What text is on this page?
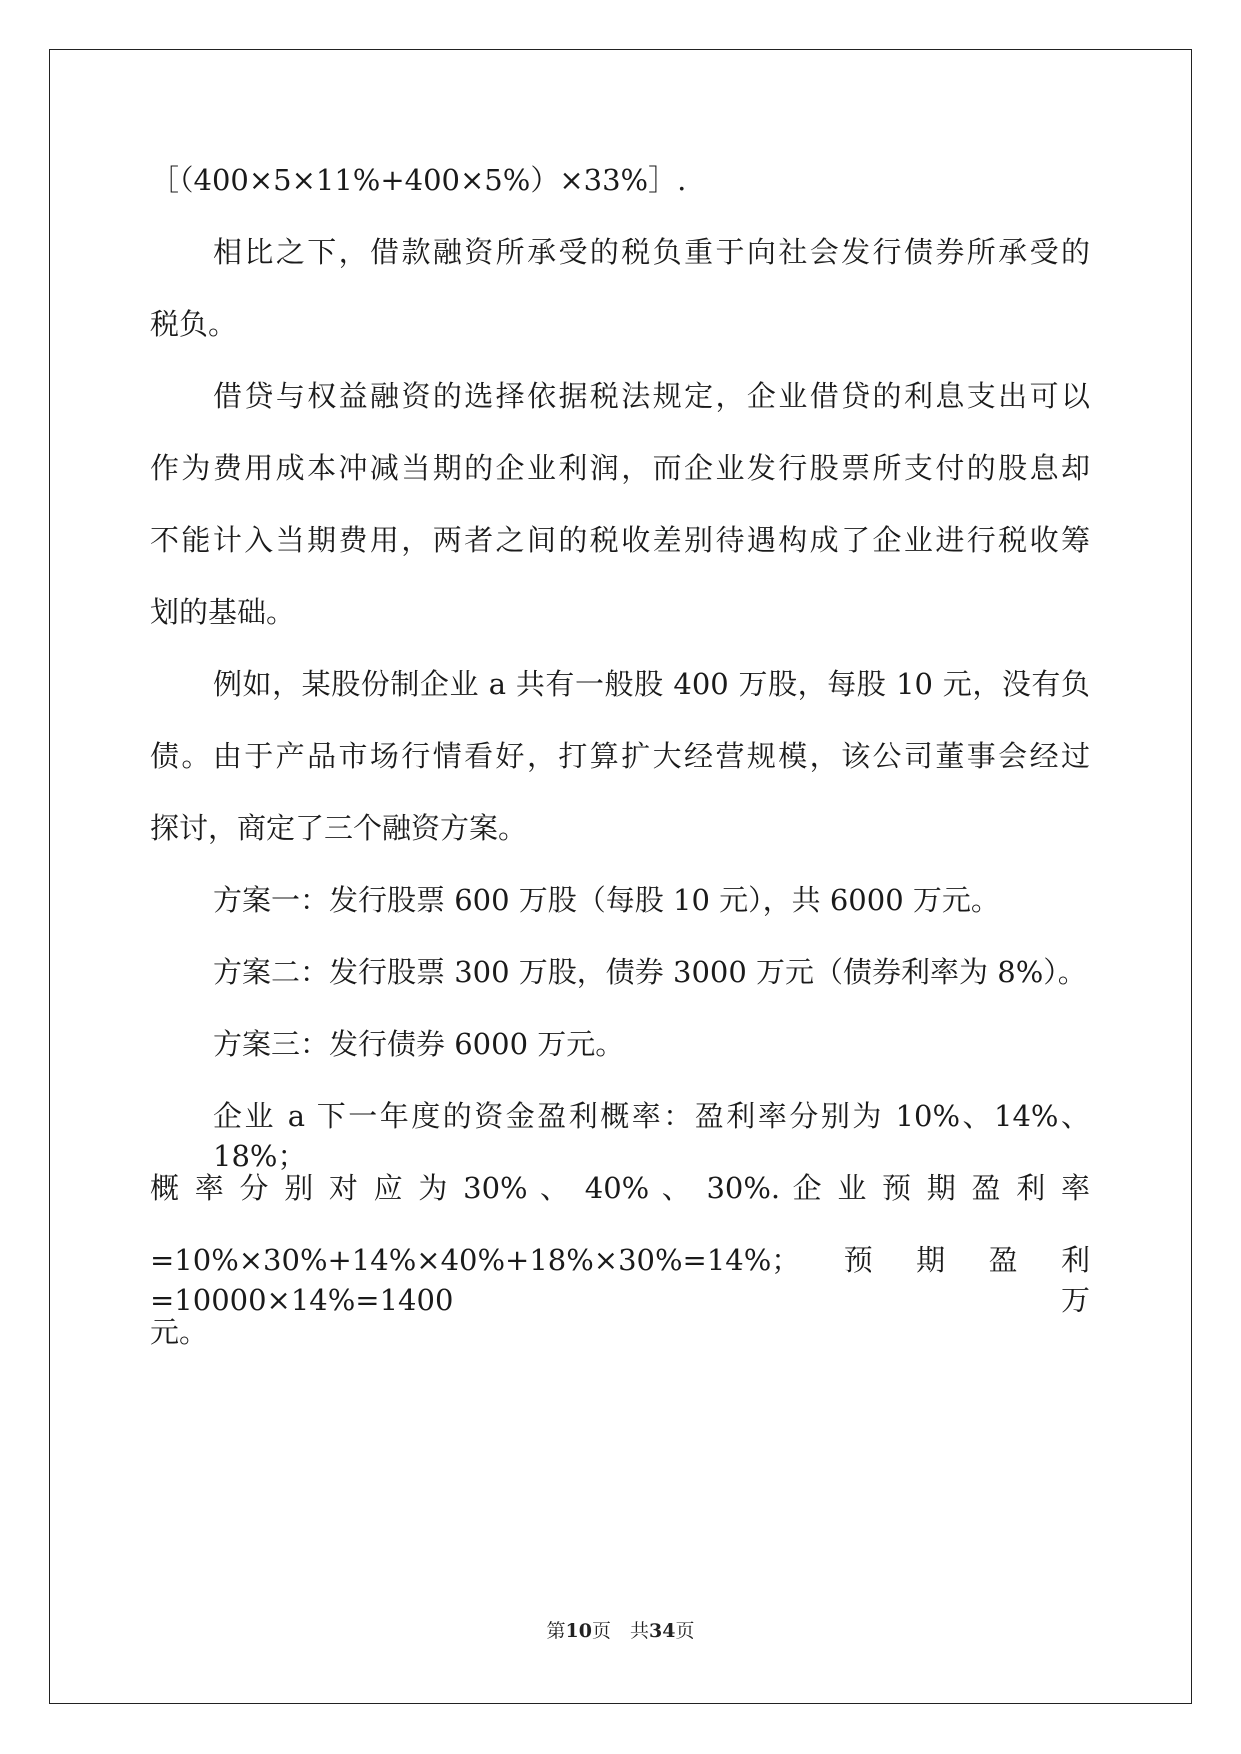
［（400×5×11%+400×5%）×33%］.
相比之下，借款融资所承受的税负重于向社会发行债券所承受的
税负。
借贷与权益融资的选择依据税法规定，企业借贷的利息支出可以
作为费用成本冲减当期的企业利润，而企业发行股票所支付的股息却
不能计入当期费用，两者之间的税收差别待遇构成了企业进行税收筹
划的基础。
例如，某股份制企业 a 共有一般股 400 万股，每股 10 元，没有负
债。由于产品市场行情看好，打算扩大经营规模，该公司董事会经过
探讨，商定了三个融资方案。
方案一：发行股票 600 万股（每股 10 元），共 6000 万元。
方案二：发行股票 300 万股，债券 3000 万元（债券利率为 8%）。
方案三：发行债券 6000 万元。
企业 a 下一年度的资金盈利概率：盈利率分别为 10%、14%、18%；
概 率 分 别 对 应 为 30% 、 40% 、 30%. 企 业 预 期 盈 利 率
=10%×30%+14%×40%+18%×30%=14%；预期盈利=10000×14%=1400 万
元。
第10页　共34页
